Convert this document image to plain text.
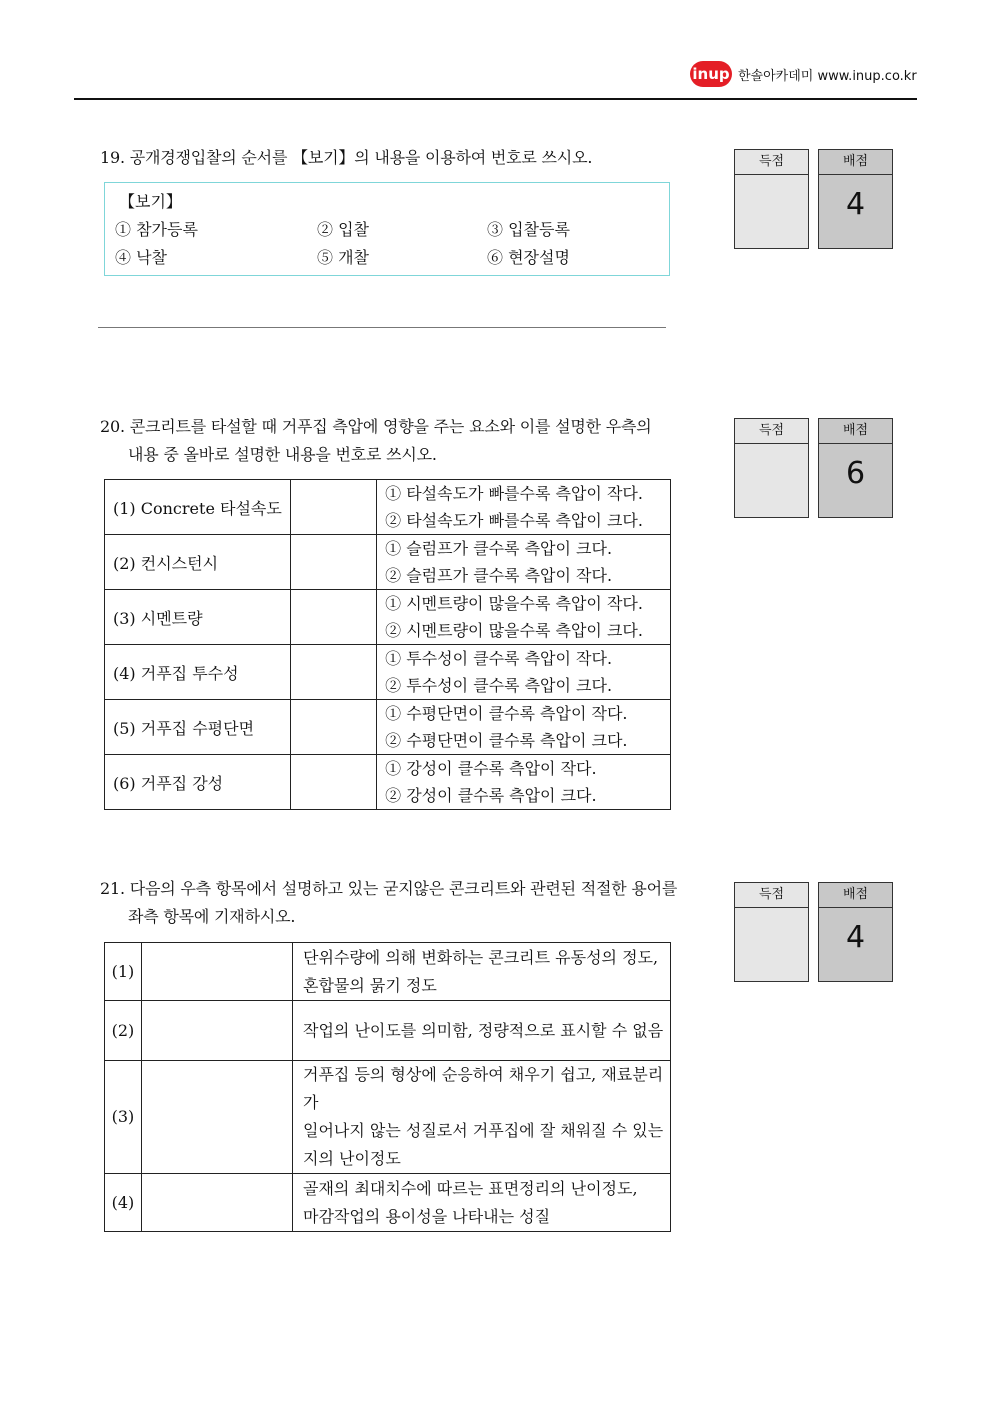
inup 한솔아카데미 www.inup.co.kr
19. 공개경쟁입찰의 순서를 【보기】의 내용을 이용하여 번호로 쓰시오.
【보기】
① 참가등록	② 입찰	③ 입찰등록
④ 낙찰	⑤ 개찰	⑥ 현장설명
득점	배점
4
20. 콘크리트를 타설할 때 거푸집 측압에 영향을 주는 요소와 이를 설명한 우측의
내용 중 올바로 설명한 내용을 번호로 쓰시오.
득점	배점
6
(1) Concrete 타설속도		① 타설속도가 빠를수록 측압이 작다.
② 타설속도가 빠를수록 측압이 크다.

(2) 컨시스턴시		① 슬럼프가 클수록 측압이 크다.
② 슬럼프가 클수록 측압이 작다.

(3) 시멘트량		① 시멘트량이 많을수록 측압이 작다.
② 시멘트량이 많을수록 측압이 크다.

(4) 거푸집 투수성		① 투수성이 클수록 측압이 작다.
② 투수성이 클수록 측압이 크다.

(5) 거푸집 수평단면		① 수평단면이 클수록 측압이 작다.
② 수평단면이 클수록 측압이 크다.

(6) 거푸집 강성		① 강성이 클수록 측압이 작다.
② 강성이 클수록 측압이 크다.
21. 다음의 우측 항목에서 설명하고 있는 굳지않은 콘크리트와 관련된 적절한 용어를
좌측 항목에 기재하시오.
득점	배점
4
(1)		단위수량에 의해 변화하는 콘크리트 유동성의 정도,
혼합물의 묽기 정도

(2)		작업의 난이도를 의미함, 정량적으로 표시할 수 없음

(3)		거푸집 등의 형상에 순응하여 채우기 쉽고, 재료분리가
일어나지 않는 성질로서 거푸집에 잘 채워질 수 있는
지의 난이정도

(4)		골재의 최대치수에 따르는 표면정리의 난이정도,
마감작업의 용이성을 나타내는 성질
